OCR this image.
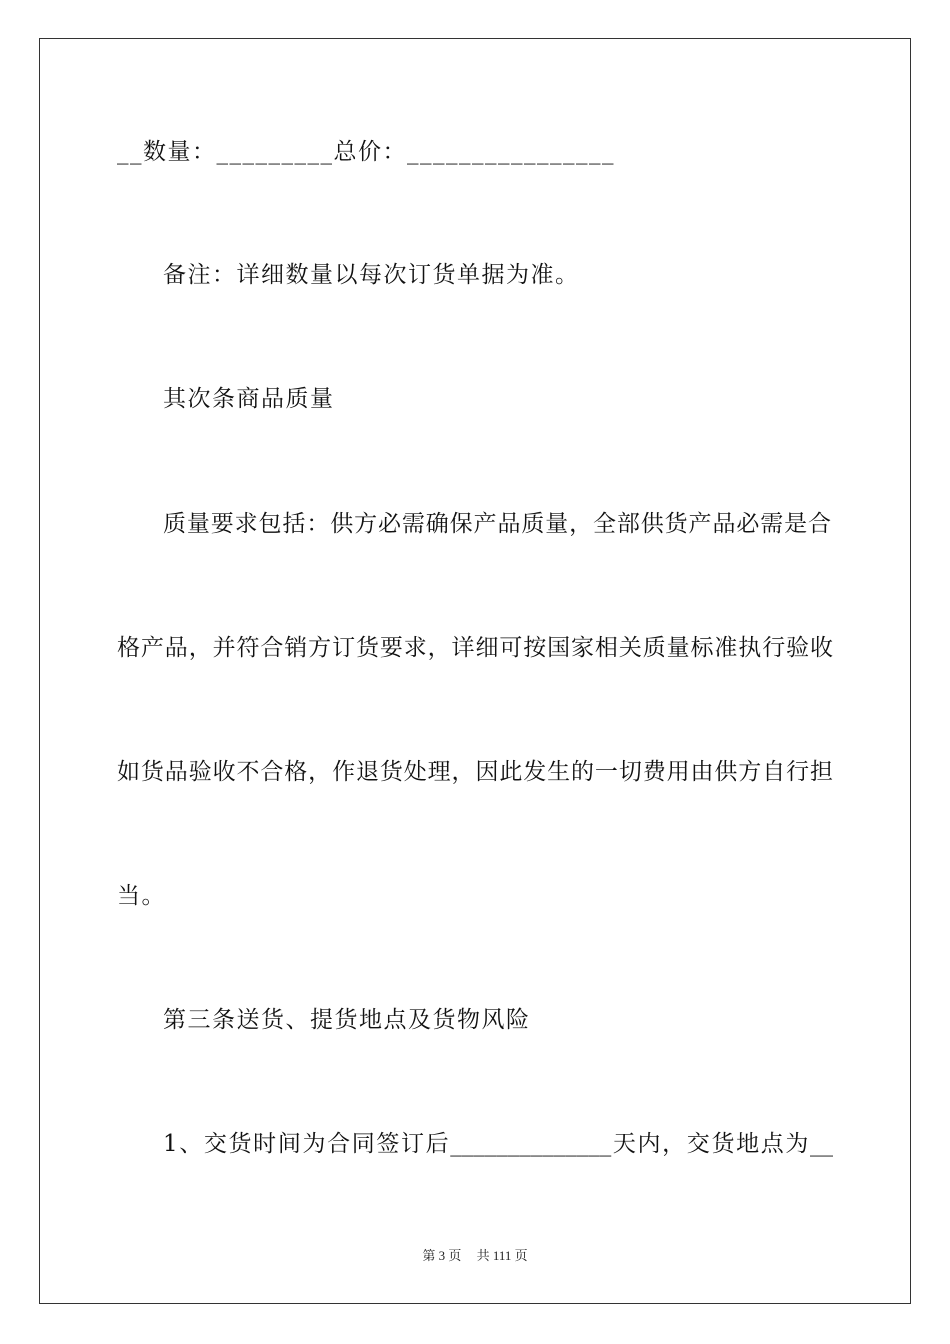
__数量：_________总价：________________
备注：详细数量以每次订货单据为准。
其次条商品质量
质量要求包括：供方必需确保产品质量，全部供货产品必需是合
格产品，并符合销方订货要求，详细可按国家相关质量标准执行验收
如货品验收不合格，作退货处理，因此发生的一切费用由供方自行担
当。
第三条送货、提货地点及货物风险
1、交货时间为合同签订后______________天内，交货地点为__
第 3 页 共 111 页
